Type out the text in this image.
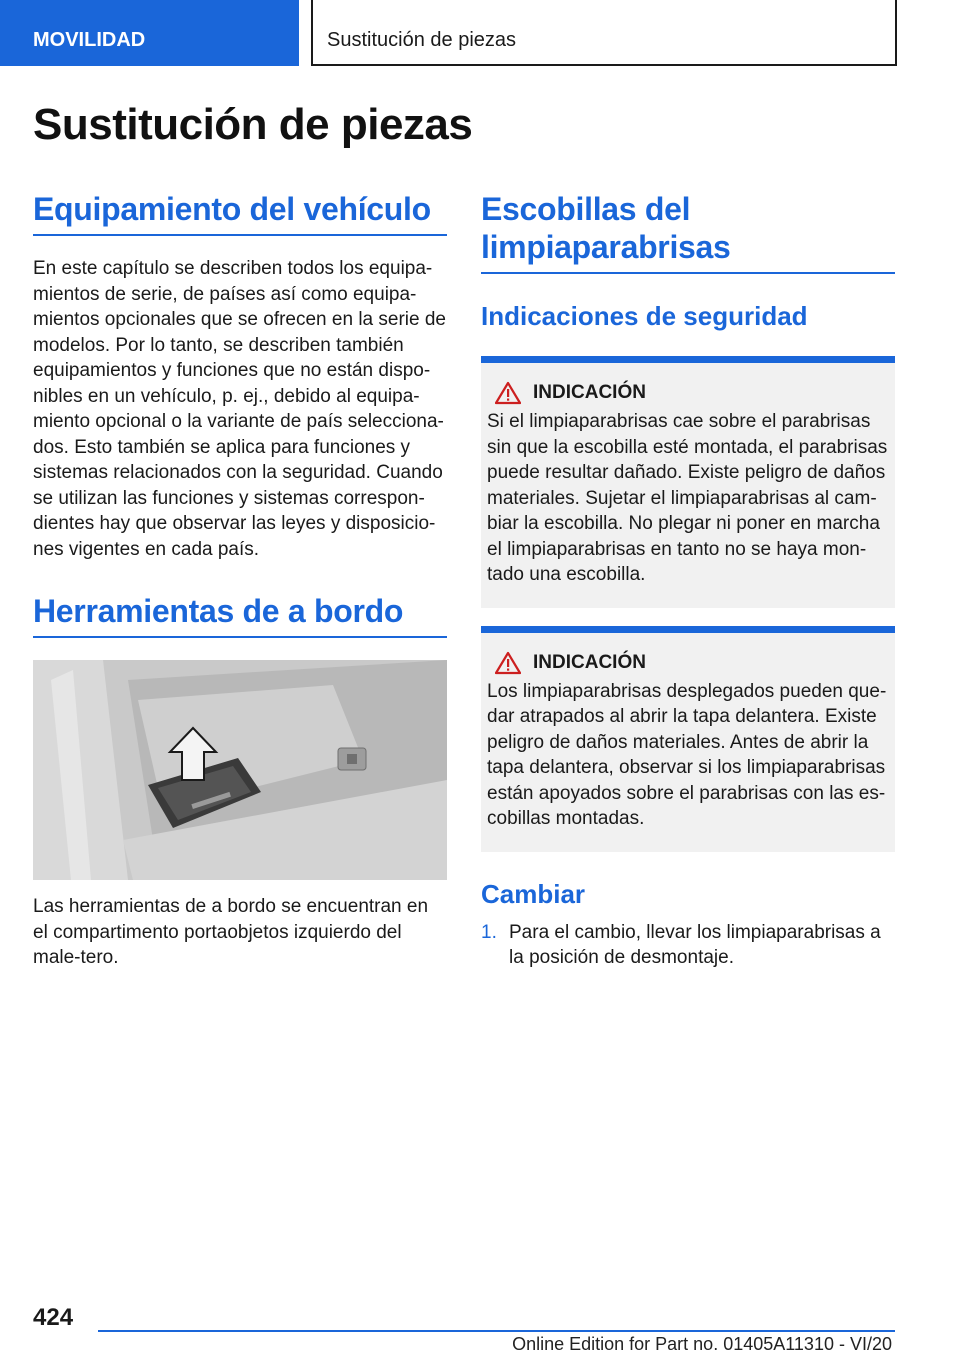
MOVILIDAD	Sustitución de piezas
Sustitución de piezas
Equipamiento del vehículo

En este capítulo se describen todos los equipa-mientos de serie, de países así como equipa-mientos opcionales que se ofrecen en la serie de modelos. Por lo tanto, se describen también equipamientos y funciones que no están dispo-nibles en un vehículo, p. ej., debido al equipa-miento opcional o la variante de país selecciona-dos. Esto también se aplica para funciones y sistemas relacionados con la seguridad. Cuando se utilizan las funciones y sistemas correspon-dientes hay que observar las leyes y disposicio-nes vigentes en cada país.

Herramientas de a bordo

Las herramientas de a bordo se encuentran en el compartimento portaobjetos izquierdo del male-tero.

Escobillas del limpiaparabrisas
Indicaciones de seguridad
INDICACIÓN

Si el limpiaparabrisas cae sobre el parabrisas sin que la escobilla esté montada, el parabrisas puede resultar dañado. Existe peligro de daños materiales. Sujetar el limpiaparabrisas al cam-biar la escobilla. No plegar ni poner en marcha el limpiaparabrisas en tanto no se haya mon-tado una escobilla.

INDICACIÓN

Los limpiaparabrisas desplegados pueden que-dar atrapados al abrir la tapa delantera. Existe peligro de daños materiales. Antes de abrir la tapa delantera, observar si los limpiaparabrisas están apoyados sobre el parabrisas con las es-cobillas montadas.

Cambiar
1. Para el cambio, llevar los limpiaparabrisas a la posición de desmontaje.

424
Online Edition for Part no. 01405A11310 - VI/20
